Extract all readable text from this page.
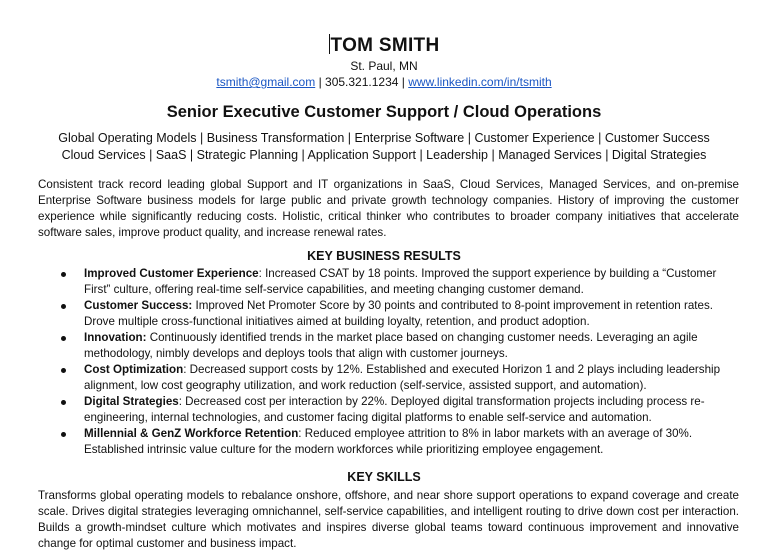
TOM SMITH
St. Paul, MN
tsmith@gmail.com | 305.321.1234 | www.linkedin.com/in/tsmith
Senior Executive Customer Support / Cloud Operations
Global Operating Models | Business Transformation | Enterprise Software | Customer Experience | Customer Success
Cloud Services | SaaS | Strategic Planning | Application Support | Leadership | Managed Services | Digital Strategies
Consistent track record leading global Support and IT organizations in SaaS, Cloud Services, Managed Services, and on-premise Enterprise Software business models for large public and private growth technology companies. History of improving the customer experience while significantly reducing costs. Holistic, critical thinker who contributes to broader company initiatives that accelerate software sales, improve product quality, and increase renewal rates.
KEY BUSINESS RESULTS
Improved Customer Experience: Increased CSAT by 18 points. Improved the support experience by building a “Customer First” culture, offering real-time self-service capabilities, and meeting changing customer demand.
Customer Success: Improved Net Promoter Score by 30 points and contributed to 8-point improvement in retention rates. Drove multiple cross-functional initiatives aimed at building loyalty, retention, and product adoption.
Innovation: Continuously identified trends in the market place based on changing customer needs. Leveraging an agile methodology, nimbly develops and deploys tools that align with customer journeys.
Cost Optimization: Decreased support costs by 12%. Established and executed Horizon 1 and 2 plays including leadership alignment, low cost geography utilization, and work reduction (self-service, assisted support, and automation).
Digital Strategies: Decreased cost per interaction by 22%. Deployed digital transformation projects including process re-engineering, internal technologies, and customer facing digital platforms to enable self-service and automation.
Millennial & GenZ Workforce Retention: Reduced employee attrition to 8% in labor markets with an average of 30%. Established intrinsic value culture for the modern workforces while prioritizing employee engagement.
KEY SKILLS
Transforms global operating models to rebalance onshore, offshore, and near shore support operations to expand coverage and create scale. Drives digital strategies leveraging omnichannel, self-service capabilities, and intelligent routing to drive down cost per interaction. Builds a growth-mindset culture which motivates and inspires diverse global teams toward continuous improvement and innovative change for optimal customer and business impact.
